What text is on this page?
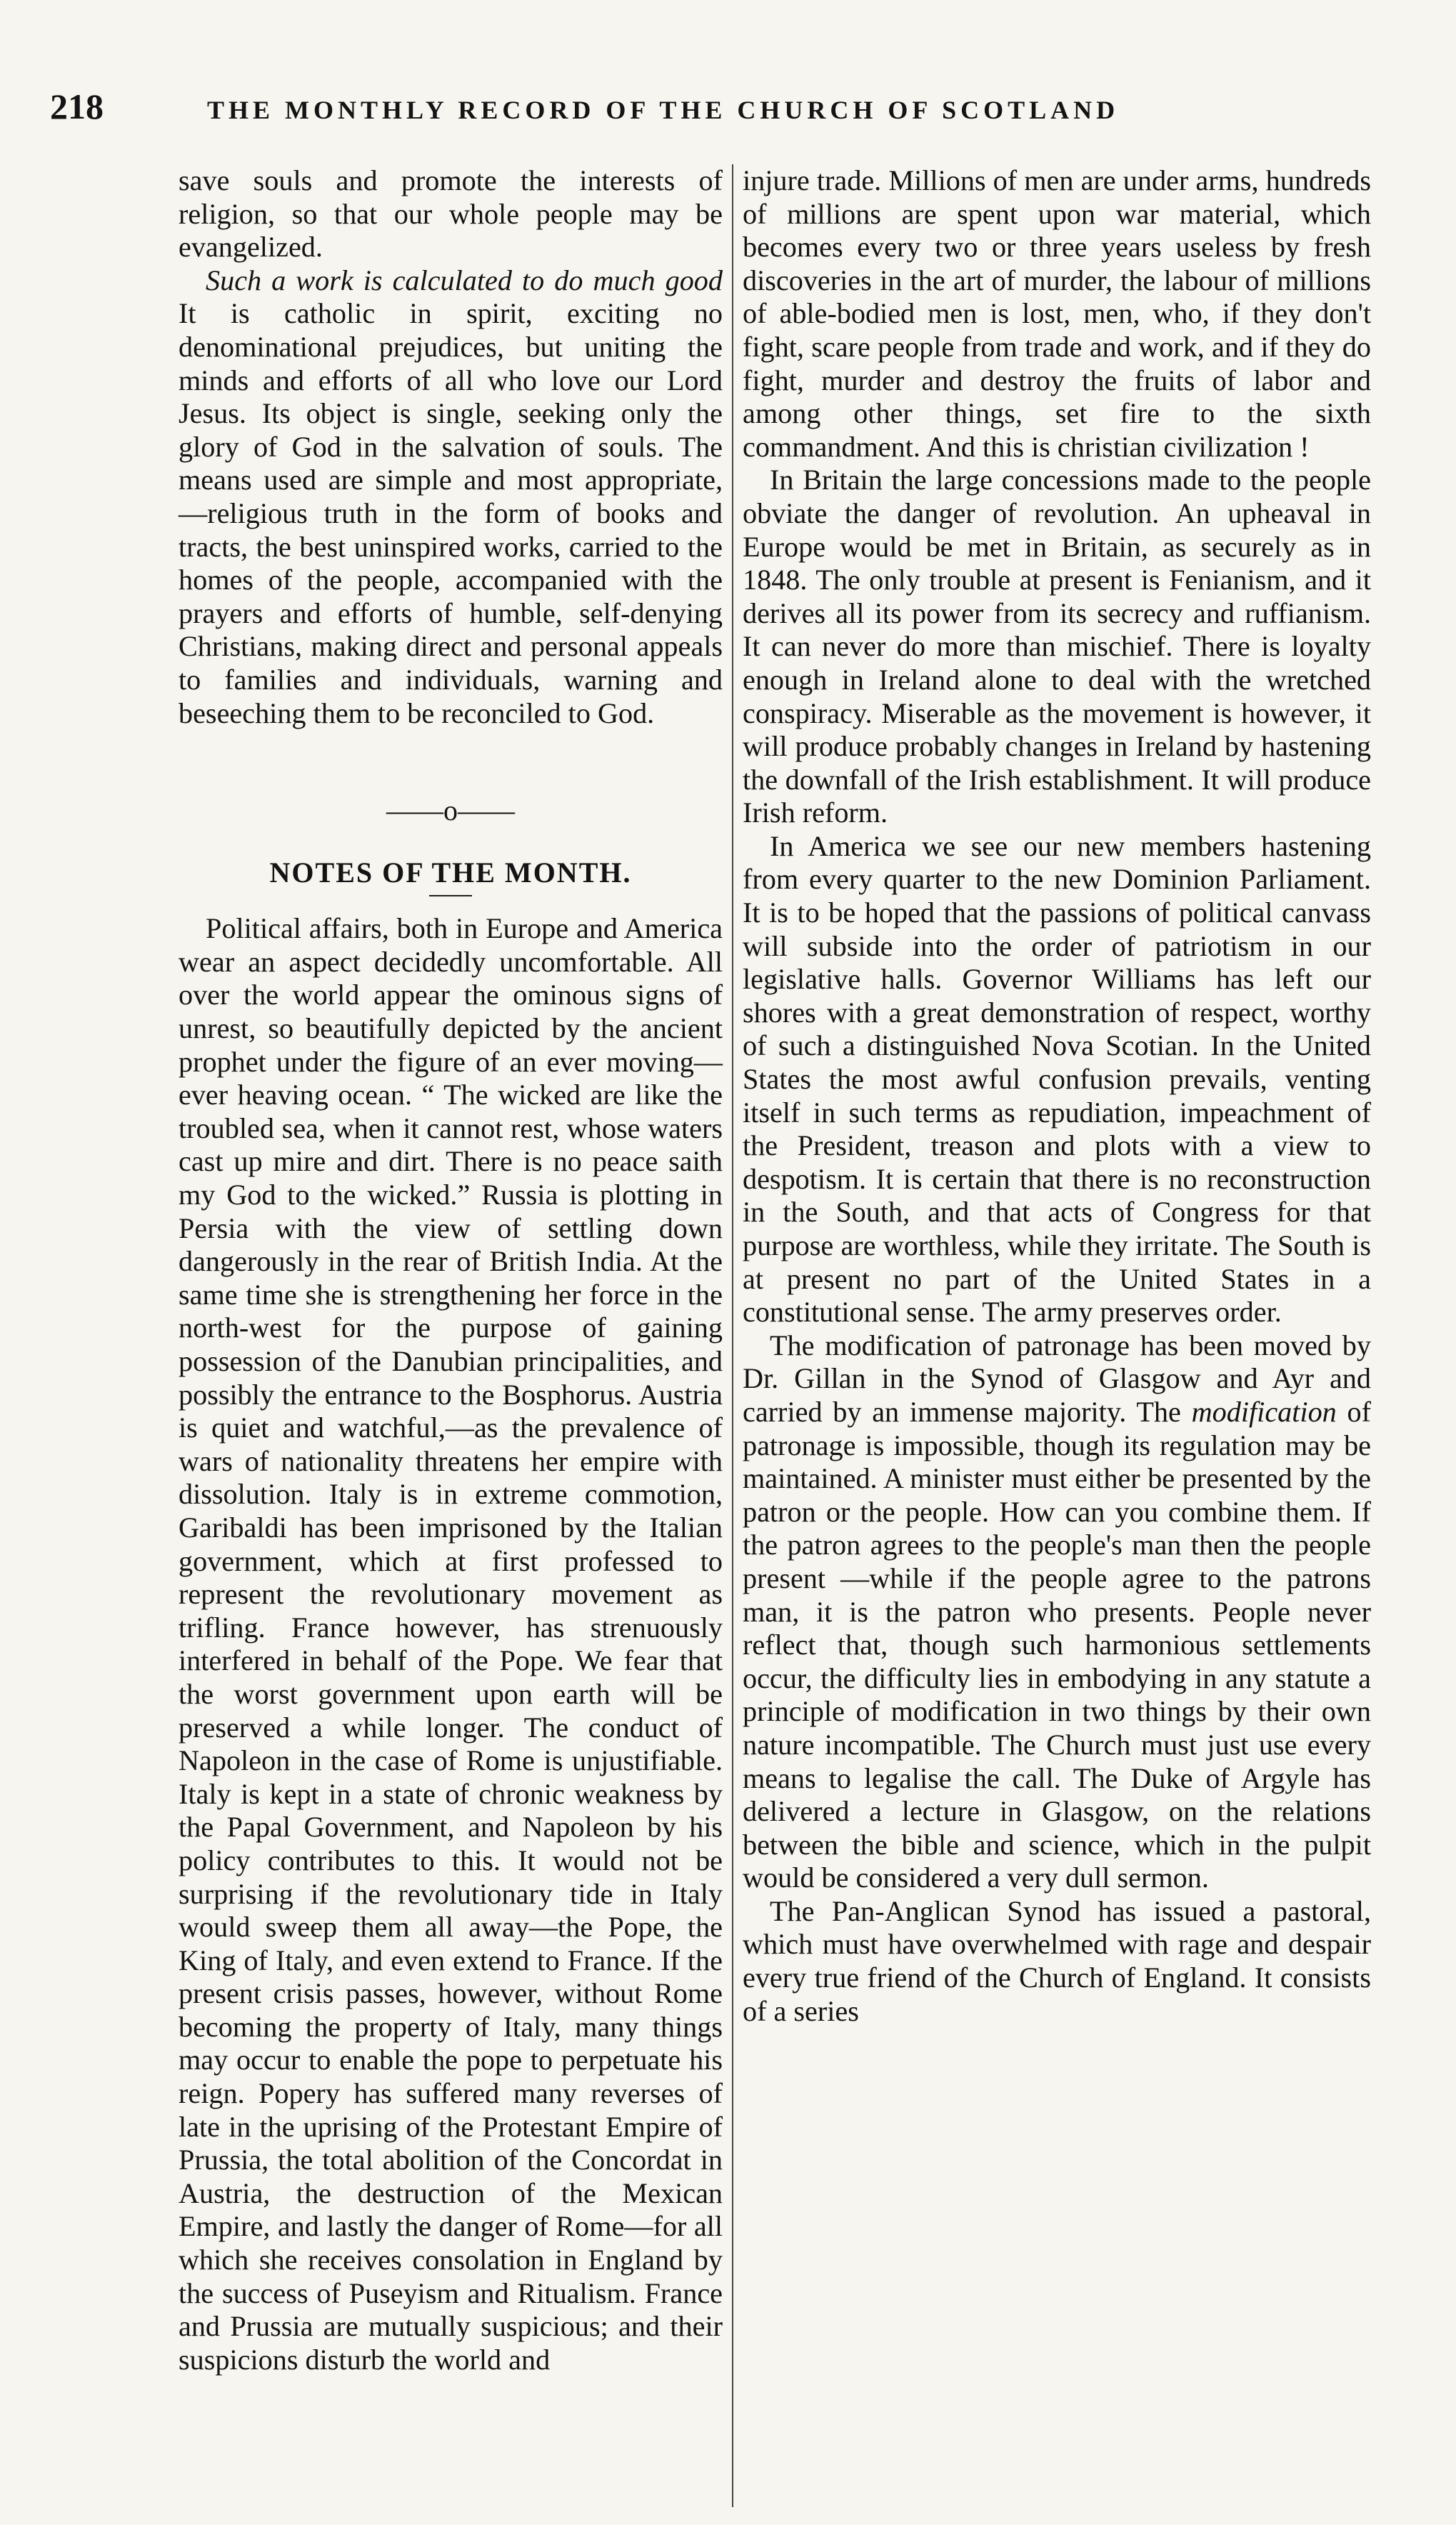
218	THE MONTHLY RECORD OF THE CHURCH OF SCOTLAND

save souls and promote the interests of religion, so that our whole people may be evangelized.

Such a work is calculated to do much good It is catholic in spirit, exciting no denominational prejudices, but uniting the minds and efforts of all who love our Lord Jesus. Its object is single, seeking only the glory of God in the salvation of souls. The means used are simple and most appropriate,—religious truth in the form of books and tracts, the best uninspired works, carried to the homes of the people, accompanied with the prayers and efforts of humble, self-denying Christians, making direct and personal appeals to families and individuals, warning and beseeching them to be reconciled to God.

——o——
NOTES OF THE MONTH.

Political affairs, both in Europe and America wear an aspect decidedly uncomfortable. All over the world appear the ominous signs of unrest, so beautifully depicted by the ancient prophet under the figure of an ever moving—ever heaving ocean. “ The wicked are like the troubled sea, when it cannot rest, whose waters cast up mire and dirt. There is no peace saith my God to the wicked.” Russia is plotting in Persia with the view of settling down dangerously in the rear of British India. At the same time she is strengthening her force in the north-west for the purpose of gaining possession of the Danubian principalities, and possibly the entrance to the Bosphorus. Austria is quiet and watchful,—as the prevalence of wars of nationality threatens her empire with dissolution. Italy is in extreme commotion, Garibaldi has been imprisoned by the Italian government, which at first professed to represent the revolutionary movement as trifling. France however, has strenuously interfered in behalf of the Pope. We fear that the worst government upon earth will be preserved a while longer. The conduct of Napoleon in the case of Rome is unjustifiable. Italy is kept in a state of chronic weakness by the Papal Government, and Napoleon by his policy contributes to this. It would not be surprising if the revolutionary tide in Italy would sweep them all away—the Pope, the King of Italy, and even extend to France. If the present crisis passes, however, without Rome becoming the property of Italy, many things may occur to enable the pope to perpetuate his reign. Popery has suffered many reverses of late in the uprising of the Protestant Empire of Prussia, the total abolition of the Concordat in Austria, the destruction of the Mexican Empire, and lastly the danger of Rome—for all which she receives consolation in England by the success of Puseyism and Ritualism. France and Prussia are mutually suspicious; and their suspicions disturb the world and

injure trade. Millions of men are under arms, hundreds of millions are spent upon war material, which becomes every two or three years useless by fresh discoveries in the art of murder, the labour of millions of able-bodied men is lost, men, who, if they don't fight, scare people from trade and work, and if they do fight, murder and destroy the fruits of labor and among other things, set fire to the sixth commandment. And this is christian civilization !

In Britain the large concessions made to the people obviate the danger of revolution. An upheaval in Europe would be met in Britain, as securely as in 1848. The only trouble at present is Fenianism, and it derives all its power from its secrecy and ruffianism. It can never do more than mischief. There is loyalty enough in Ireland alone to deal with the wretched conspiracy. Miserable as the movement is however, it will produce probably changes in Ireland by hastening the downfall of the Irish establishment. It will produce Irish reform.

In America we see our new members hastening from every quarter to the new Dominion Parliament. It is to be hoped that the passions of political canvass will subside into the order of patriotism in our legislative halls. Governor Williams has left our shores with a great demonstration of respect, worthy of such a distinguished Nova Scotian. In the United States the most awful confusion prevails, venting itself in such terms as repudiation, impeachment of the President, treason and plots with a view to despotism. It is certain that there is no reconstruction in the South, and that acts of Congress for that purpose are worthless, while they irritate. The South is at present no part of the United States in a constitutional sense. The army preserves order.

The modification of patronage has been moved by Dr. Gillan in the Synod of Glasgow and Ayr and carried by an immense majority. The modification of patronage is impossible, though its regulation may be maintained. A minister must either be presented by the patron or the people. How can you combine them. If the patron agrees to the people's man then the people present —while if the people agree to the patrons man, it is the patron who presents. People never reflect that, though such harmonious settlements occur, the difficulty lies in embodying in any statute a principle of modification in two things by their own nature incompatible. The Church must just use every means to legalise the call. The Duke of Argyle has delivered a lecture in Glasgow, on the relations between the bible and science, which in the pulpit would be considered a very dull sermon.

The Pan-Anglican Synod has issued a pastoral, which must have overwhelmed with rage and despair every true friend of the Church of England. It consists of a series
